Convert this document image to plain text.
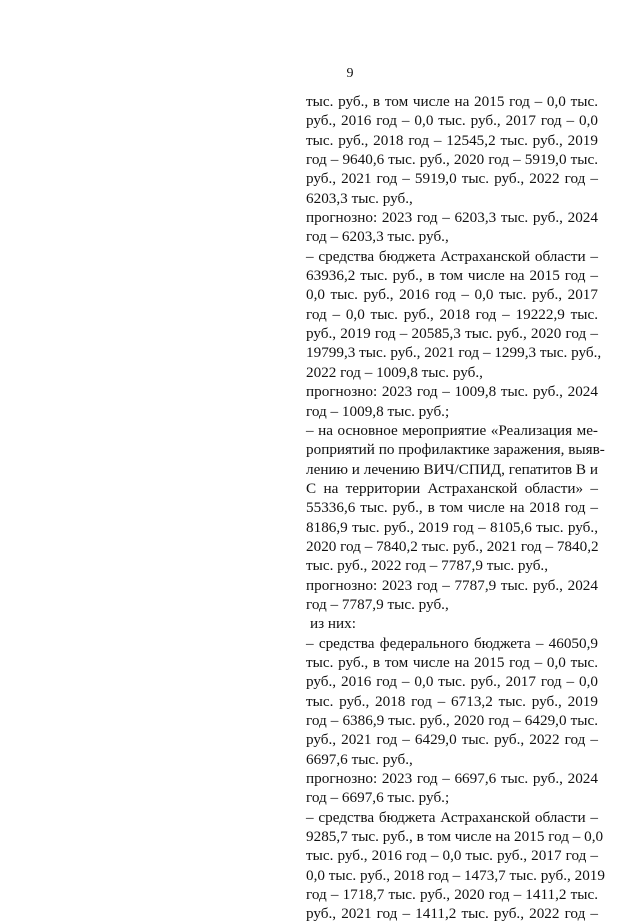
9
тыс. руб., в том числе на 2015 год – 0,0 тыс.
руб., 2016 год – 0,0 тыс. руб., 2017 год – 0,0
тыс. руб., 2018 год – 12545,2 тыс. руб., 2019
год – 9640,6 тыс. руб., 2020 год – 5919,0 тыс.
руб., 2021 год – 5919,0 тыс. руб., 2022 год –
6203,3 тыс. руб.,
прогнозно: 2023 год – 6203,3 тыс. руб., 2024
год – 6203,3 тыс. руб.,
– средства бюджета Астраханской области –
63936,2 тыс. руб., в том числе на 2015 год –
0,0 тыс. руб., 2016 год – 0,0 тыс. руб., 2017
год – 0,0 тыс. руб., 2018 год – 19222,9 тыс.
руб., 2019 год – 20585,3 тыс. руб., 2020 год –
19799,3 тыс. руб., 2021 год – 1299,3 тыс. руб.,
2022 год – 1009,8 тыс. руб.,
прогнозно: 2023 год – 1009,8 тыс. руб., 2024
год – 1009,8 тыс. руб.;
– на основное мероприятие «Реализация ме-
роприятий по профилактике заражения, выяв-
лению и лечению ВИЧ/СПИД, гепатитов В и
С на территории Астраханской области» –
55336,6 тыс. руб., в том числе на 2018 год –
8186,9 тыс. руб., 2019 год – 8105,6 тыс. руб.,
2020 год – 7840,2 тыс. руб., 2021 год – 7840,2
тыс. руб., 2022 год – 7787,9 тыс. руб.,
прогнозно: 2023 год – 7787,9 тыс. руб., 2024
год – 7787,9 тыс. руб.,
из них:
– средства федерального бюджета – 46050,9
тыс. руб., в том числе на 2015 год – 0,0 тыс.
руб., 2016 год – 0,0 тыс. руб., 2017 год – 0,0
тыс. руб., 2018 год – 6713,2 тыс. руб., 2019
год – 6386,9 тыс. руб., 2020 год – 6429,0 тыс.
руб., 2021 год – 6429,0 тыс. руб., 2022 год –
6697,6 тыс. руб.,
прогнозно: 2023 год – 6697,6 тыс. руб., 2024
год – 6697,6 тыс. руб.;
– средства бюджета Астраханской области –
9285,7 тыс. руб., в том числе на 2015 год – 0,0
тыс. руб., 2016 год – 0,0 тыс. руб., 2017 год –
0,0 тыс. руб., 2018 год – 1473,7 тыс. руб., 2019
год – 1718,7 тыс. руб., 2020 год – 1411,2 тыс.
руб., 2021 год – 1411,2 тыс. руб., 2022 год –
